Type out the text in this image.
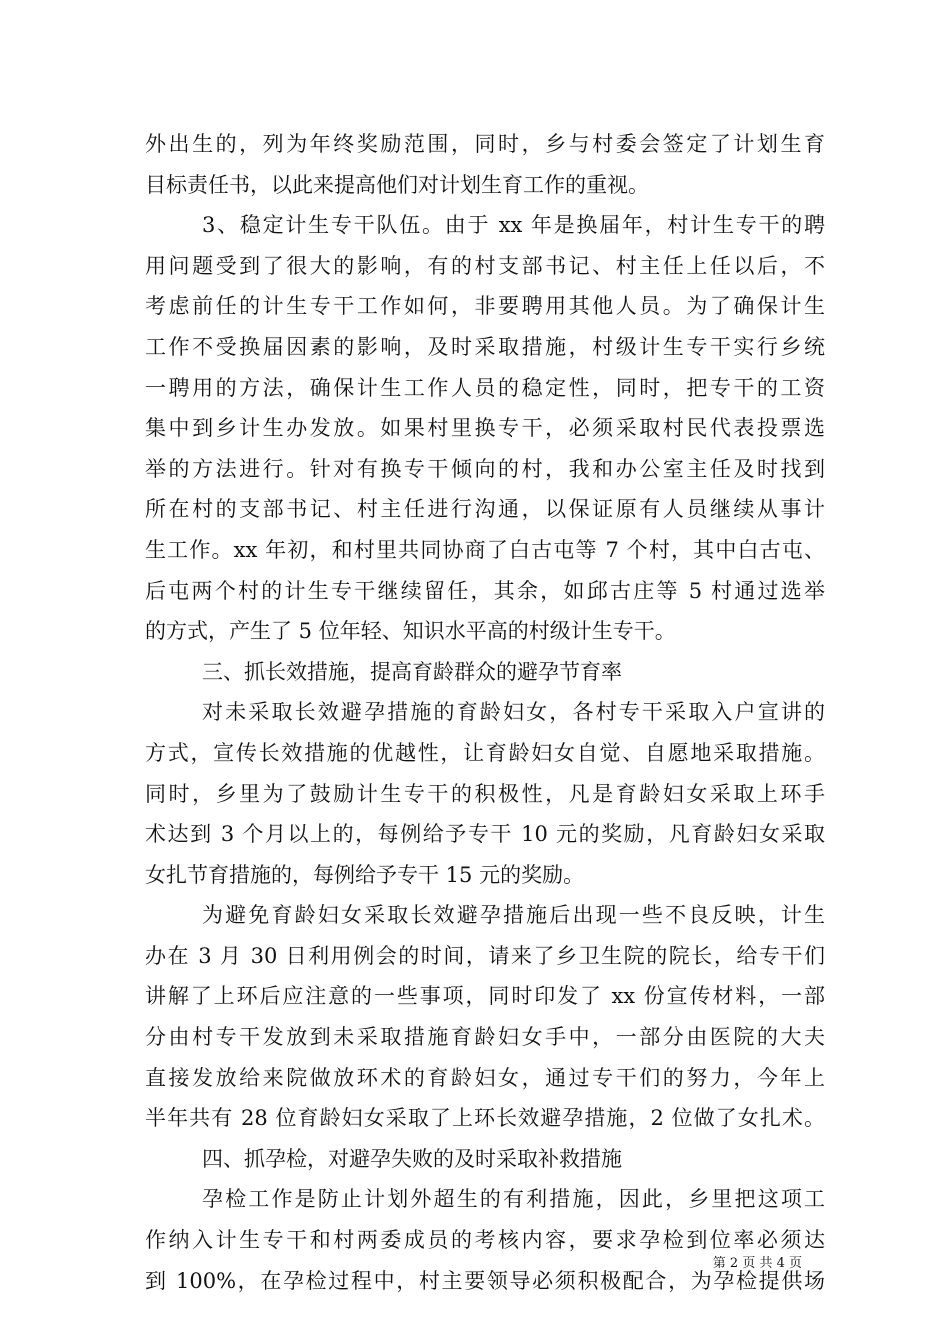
外出生的，列为年终奖励范围，同时，乡与村委会签定了计划生育
目标责任书，以此来提高他们对计划生育工作的重视。
3、稳定计生专干队伍。由于 xx 年是换届年，村计生专干的聘
用问题受到了很大的影响，有的村支部书记、村主任上任以后，不
考虑前任的计生专干工作如何，非要聘用其他人员。为了确保计生
工作不受换届因素的影响，及时采取措施，村级计生专干实行乡统
一聘用的方法，确保计生工作人员的稳定性，同时，把专干的工资
集中到乡计生办发放。如果村里换专干，必须采取村民代表投票选
举的方法进行。针对有换专干倾向的村，我和办公室主任及时找到
所在村的支部书记、村主任进行沟通，以保证原有人员继续从事计
生工作。xx 年初，和村里共同协商了白古屯等 7 个村，其中白古屯、
后屯两个村的计生专干继续留任，其余，如邱古庄等 5 村通过选举
的方式，产生了 5 位年轻、知识水平高的村级计生专干。
三、抓长效措施，提高育龄群众的避孕节育率
对未采取长效避孕措施的育龄妇女，各村专干采取入户宣讲的
方式，宣传长效措施的优越性，让育龄妇女自觉、自愿地采取措施。
同时，乡里为了鼓励计生专干的积极性，凡是育龄妇女采取上环手
术达到 3 个月以上的，每例给予专干 10 元的奖励，凡育龄妇女采取
女扎节育措施的，每例给予专干 15 元的奖励。
为避免育龄妇女采取长效避孕措施后出现一些不良反映，计生
办在 3 月 30 日利用例会的时间，请来了乡卫生院的院长，给专干们
讲解了上环后应注意的一些事项，同时印发了 xx 份宣传材料，一部
分由村专干发放到未采取措施育龄妇女手中，一部分由医院的大夫
直接发放给来院做放环术的育龄妇女，通过专干们的努力，今年上
半年共有 28 位育龄妇女采取了上环长效避孕措施，2 位做了女扎术。
四、抓孕检，对避孕失败的及时采取补救措施
孕检工作是防止计划外超生的有利措施，因此，乡里把这项工
作纳入计生专干和村两委成员的考核内容，要求孕检到位率必须达
到 100%，在孕检过程中，村主要领导必须积极配合，为孕检提供场
第 2 页 共 4 页
